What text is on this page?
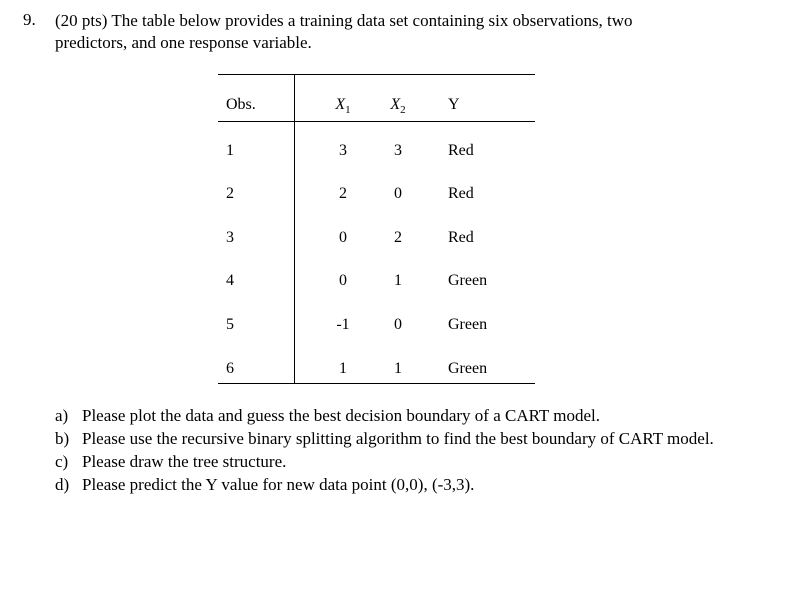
9. (20 pts) The table below provides a training data set containing six observations, two
predictors, and one response variable.
Obs.	$X_1$	$X_2$	Y
1	3	3	Red
2	2	0	Red
3	0	2	Red
4	0	1	Green
5	-1	0	Green
6	1	1	Green
a) Please plot the data and guess the best decision boundary of a CART model.
b) Please use the recursive binary splitting algorithm to find the best boundary of CART model.
c) Please draw the tree structure.
d) Please predict the Y value for new data point (0,0), (-3,3).
